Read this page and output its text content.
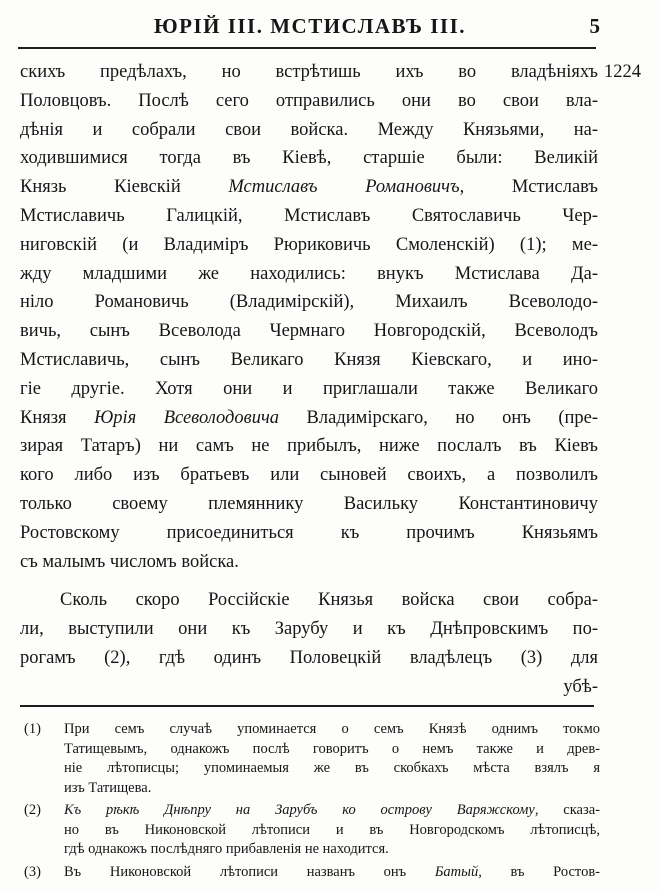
ЮРІЙ ІІІ. МСТИСЛАВЪ ІІІ.	5
1224
скихъ предѣлахъ, но встрѣтишь ихъ во владѣніяхъ
Половцовъ. Послѣ сего отправились они во свои вла-
дѣнія и собрали свои войска. Между Князьями, на-
ходившимися тогда въ Кіевѣ, старшіе были: Великій
Князь Кіевскій Мстиславъ Романовичъ, Мстиславъ
Мстиславичь Галицкій, Мстиславъ Святославичь Чер-
ниговскій (и Владиміръ Рюриковичь Смоленскій) (1); ме-
жду младшими же находились: внукъ Мстислава Да-
ніло Романовичь (Владимірскій), Михаилъ Всеволодо-
вичь, сынъ Всеволода Чермнаго Новгородскій, Всеволодъ
Мстиславичь, сынъ Великаго Князя Кіевскаго, и ино-
гіе другіе. Хотя они и приглашали также Великаго
Князя Юрія Всеволодовича Владимірскаго, но онъ (пре-
зирая Татаръ) ни самъ не прибылъ, ниже послалъ въ Кіевъ
кого либо изъ братьевъ или сыновей своихъ, а позволилъ
только своему племяннику Васильку Константиновичу
Ростовскому присоединиться къ прочимъ Князьямъ
съ малымъ числомъ войска.
Сколь скоро Россійскіе Князья войска свои собра-
ли, выступили они къ Зарубу и къ Днѣпровскимъ по-
рогамъ (2), гдѣ одинъ Половецкій владѣлецъ (3) для
убѣ-
(1) При семъ случаѣ упоминается о семъ Князѣ однимъ токмо
Татищевымъ, однакожъ послѣ говоритъ о немъ также и древ-
ніе лѣтописцы; упоминаемыя же въ скобкахъ мѣста взялъ я
изъ Татищева.
(2) Къ рѣкѣ Днѣпру на Зарубъ ко острову Варяжскому, сказа-
но въ Никоновской лѣтописи и въ Новгородскомъ лѣтописцѣ,
гдѣ однакожъ послѣдняго прибавленія не находится.
(3) Въ Никоновской лѣтописи названъ онъ Батый, въ Ростов-
